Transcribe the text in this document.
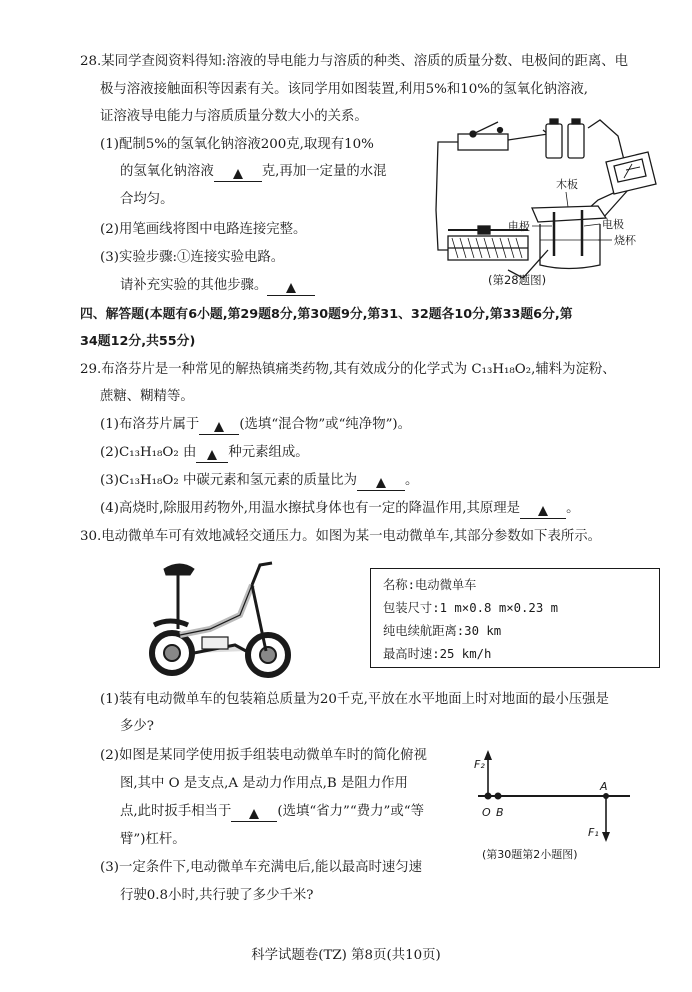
28.某同学查阅资料得知:溶液的导电能力与溶质的种类、溶质的质量分数、电极间的距离、电
极与溶液接触面积等因素有关。该同学用如图装置,利用5%和10%的氢氧化钠溶液,
证溶液导电能力与溶质质量分数大小的关系。
(1)配制5%的氢氧化钠溶液200克,取现有10%
的氢氧化钠溶液	克,再加一定量的水混
合均匀。
(2)用笔画线将图中电路连接完整。
(3)实验步骤:①连接实验电路。
请补充实验的其他步骤。
木板
电极	电极
烧杯
(第28题图)
四、解答题(本题有6小题,第29题8分,第30题9分,第31、32题各10分,第33题6分,第
34题12分,共55分)
29.布洛芬片是一种常见的解热镇痛类药物,其有效成分的化学式为 C₁₃H₁₈O₂,辅料为淀粉、
蔗糖、糊精等。
(1)布洛芬片属于	(选填“混合物”或“纯净物”)。
(2)C₁₃H₁₈O₂ 由 种元素组成。
(3)C₁₃H₁₈O₂ 中碳元素和氢元素的质量比为	。
(4)高烧时,除服用药物外,用温水擦拭身体也有一定的降温作用,其原理是	。
30.电动微单车可有效地减轻交通压力。如图为某一电动微单车,其部分参数如下表所示。
名称:电动微单车
包装尺寸:1 m×0.8 m×0.23 m
纯电续航距离:30 km
最高时速:25 km/h
(1)装有电动微单车的包装箱总质量为20千克,平放在水平地面上时对地面的最小压强是
多少?
(2)如图是某同学使用扳手组装电动微单车时的简化俯视
图,其中 O 是支点,A 是动力作用点,B 是阻力作用
点,此时扳手相当于	(选填“省力”“费力”或“等
臂”)杠杆。
(3)一定条件下,电动微单车充满电后,能以最高时速匀速
行驶0.8小时,共行驶了多少千米?
F₂
F₁
A
O B
(第30题第2小题图)
科学试题卷(TZ) 第8页(共10页)
